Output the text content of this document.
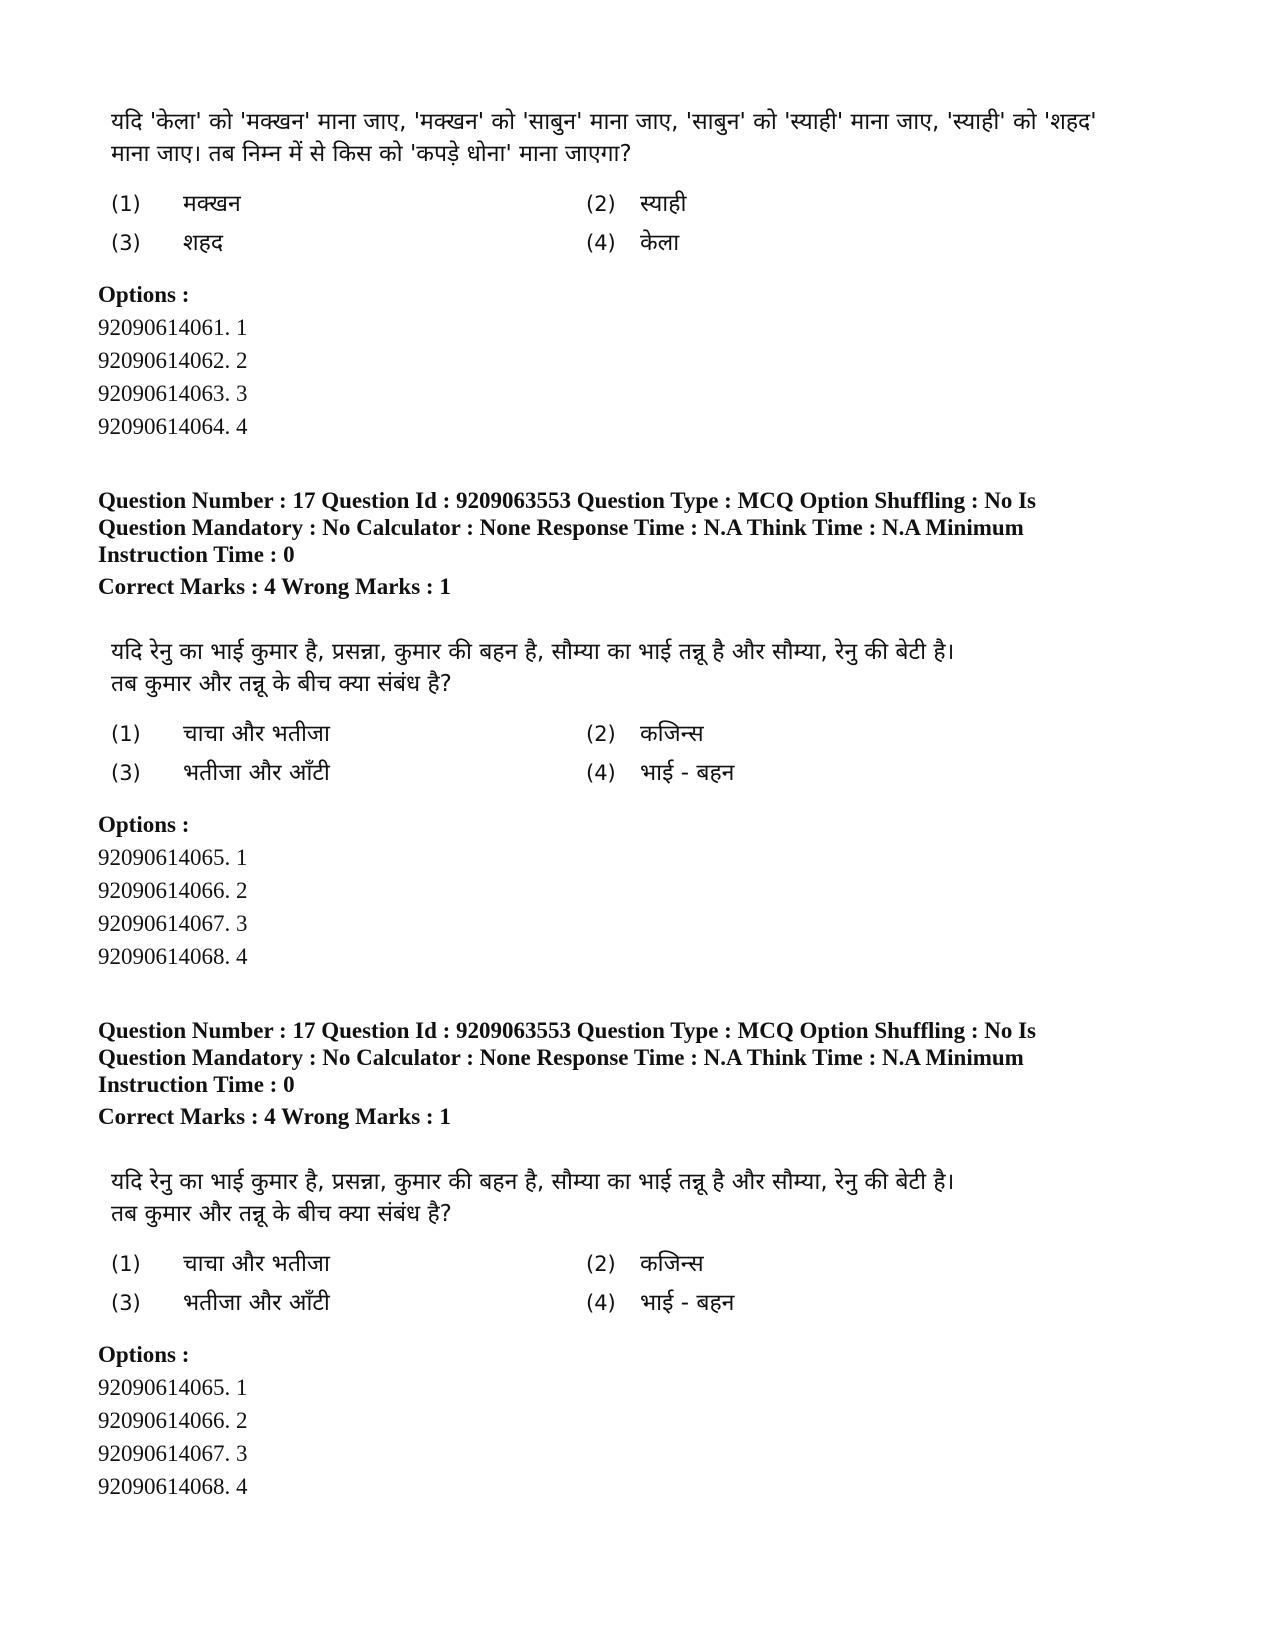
यदि 'केला' को 'मक्खन' माना जाए, 'मक्खन' को 'साबुन' माना जाए, 'साबुन' को 'स्याही' माना जाए, 'स्याही' को 'शहद'
माना जाए। तब निम्न में से किस को 'कपड़े धोना' माना जाएगा?
(1) मक्खन	(2) स्याही
(3) शहद	(4) केला
Options :
92090614061. 1
92090614062. 2
92090614063. 3
92090614064. 4
Question Number : 17 Question Id : 9209063553 Question Type : MCQ Option Shuffling : No Is
Question Mandatory : No Calculator : None Response Time : N.A Think Time : N.A Minimum
Instruction Time : 0
Correct Marks : 4 Wrong Marks : 1
यदि रेनु का भाई कुमार है, प्रसन्ना, कुमार की बहन है, सौम्या का भाई तन्नू है और सौम्या, रेनु की बेटी है।
तब कुमार और तन्नू के बीच क्या संबंध है?
(1) चाचा और भतीजा	(2) कजिन्स
(3) भतीजा और आँटी	(4) भाई - बहन
Options :
92090614065. 1
92090614066. 2
92090614067. 3
92090614068. 4
Question Number : 17 Question Id : 9209063553 Question Type : MCQ Option Shuffling : No Is
Question Mandatory : No Calculator : None Response Time : N.A Think Time : N.A Minimum
Instruction Time : 0
Correct Marks : 4 Wrong Marks : 1
यदि रेनु का भाई कुमार है, प्रसन्ना, कुमार की बहन है, सौम्या का भाई तन्नू है और सौम्या, रेनु की बेटी है।
तब कुमार और तन्नू के बीच क्या संबंध है?
(1) चाचा और भतीजा	(2) कजिन्स
(3) भतीजा और आँटी	(4) भाई - बहन
Options :
92090614065. 1
92090614066. 2
92090614067. 3
92090614068. 4
